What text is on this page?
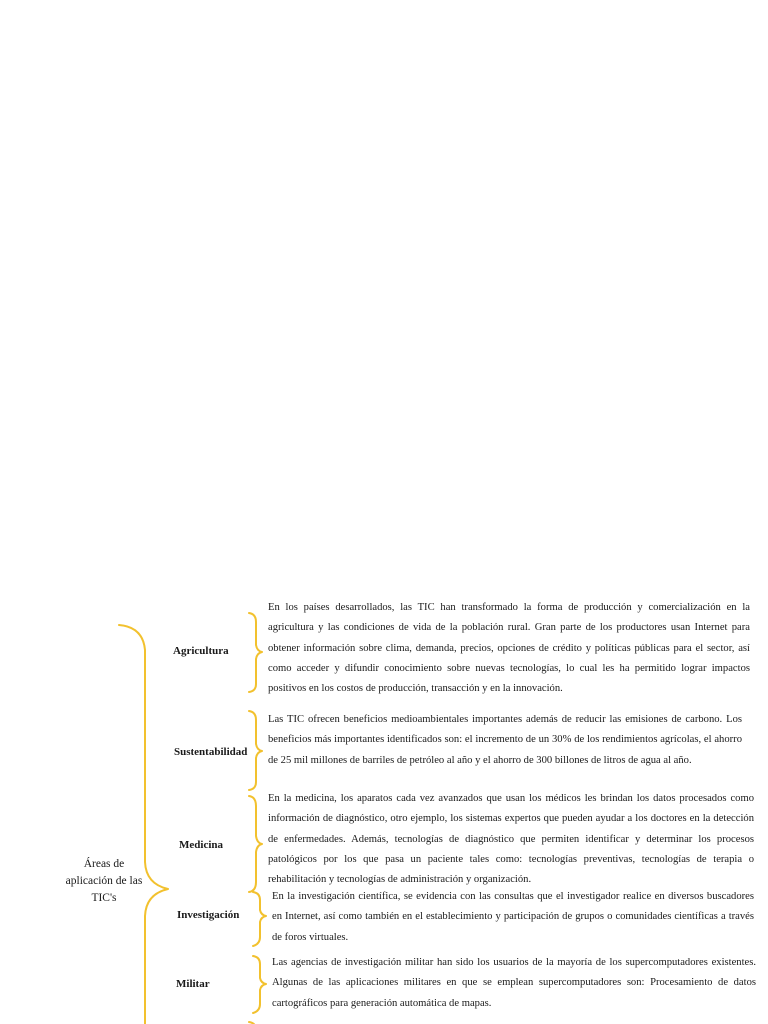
Áreas de aplicación de las TIC's
Agricultura

En los países desarrollados, las TIC han transformado la forma de producción y comercialización en la agricultura y las condiciones de vida de la población rural. Gran parte de los productores usan Internet para obtener información sobre clima, demanda, precios, opciones de crédito y políticas públicas para el sector, así como acceder y difundir conocimiento sobre nuevas tecnologías, lo cual les ha permitido lograr impactos positivos en los costos de producción, transacción y en la innovación.

Sustentabilidad

Las TIC ofrecen beneficios medioambientales importantes además de reducir las emisiones de carbono. Los beneficios más importantes identificados son: el incremento de un 30% de los rendimientos agrícolas, el ahorro de 25 mil millones de barriles de petróleo al año y el ahorro de 300 billones de litros de agua al año.

Medicina

En la medicina, los aparatos cada vez avanzados que usan los médicos les brindan los datos procesados como información de diagnóstico, otro ejemplo, los sistemas expertos que pueden ayudar a los doctores en la detección de enfermedades. Además, tecnologías de diagnóstico que permiten identificar y determinar los procesos patológicos por los que pasa un paciente tales como: tecnologías preventivas, tecnologías de terapia o rehabilitación y tecnologías de administración y organización.

Investigación

En la investigación científica, se evidencia con las consultas que el investigador realice en diversos buscadores en Internet, así como también en el establecimiento y participación de grupos o comunidades científicas a través de foros virtuales.

Militar

Las agencias de investigación militar han sido los usuarios de la mayoría de los supercomputadores existentes. Algunas de las aplicaciones militares en que se emplean supercomputadores son: Procesamiento de datos cartográficos para generación automática de mapas.
